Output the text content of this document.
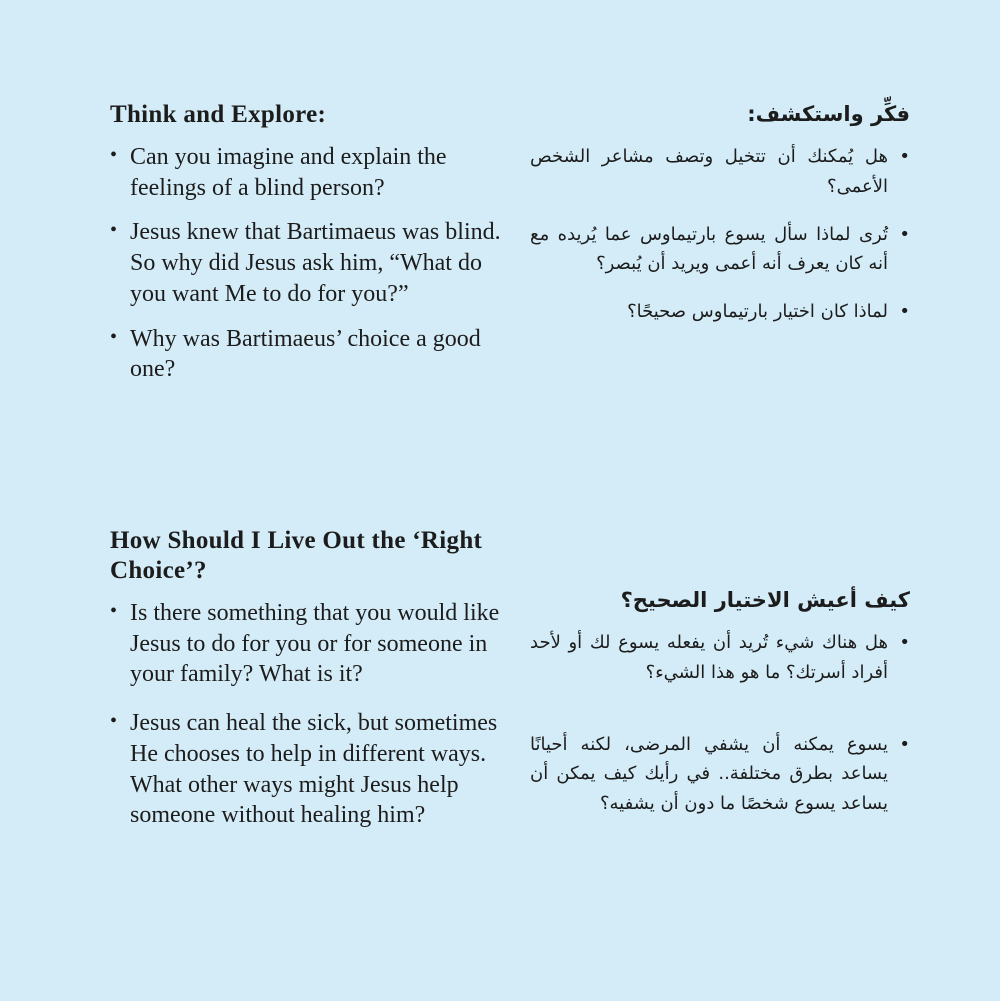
Think and Explore:
• Can you imagine and explain the feelings of a blind person?
• Jesus knew that Bartimaeus was blind. So why did Jesus ask him, “What do you want Me to do for you?”
• Why was Bartimaeus’ choice a good one?
فكِّر واستكشف:
• هل يُمكنك أن تتخيل وتصف مشاعر الشخص الأعمى؟
• تُرى لماذا سأل يسوع بارتيماوس عما يُريده مع أنه كان يعرف أنه أعمى ويريد أن يُبصر؟
• لماذا كان اختيار بارتيماوس صحيحًا؟
How Should I Live Out the ‘Right Choice’?
• Is there something that you would like Jesus to do for you or for someone in your family? What is it?
• Jesus can heal the sick, but sometimes He chooses to help in different ways. What other ways might Jesus help someone without healing him?
كيف أعيش الاختيار الصحيح؟
• هل هناك شيء تُريد أن يفعله يسوع لك أو لأحد أفراد أسرتك؟ ما هو هذا الشيء؟
• يسوع يمكنه أن يشفي المرضى، لكنه أحيانًا يساعد بطرق مختلفة.. في رأيك كيف يمكن أن يساعد يسوع شخصًا ما دون أن يشفيه؟
